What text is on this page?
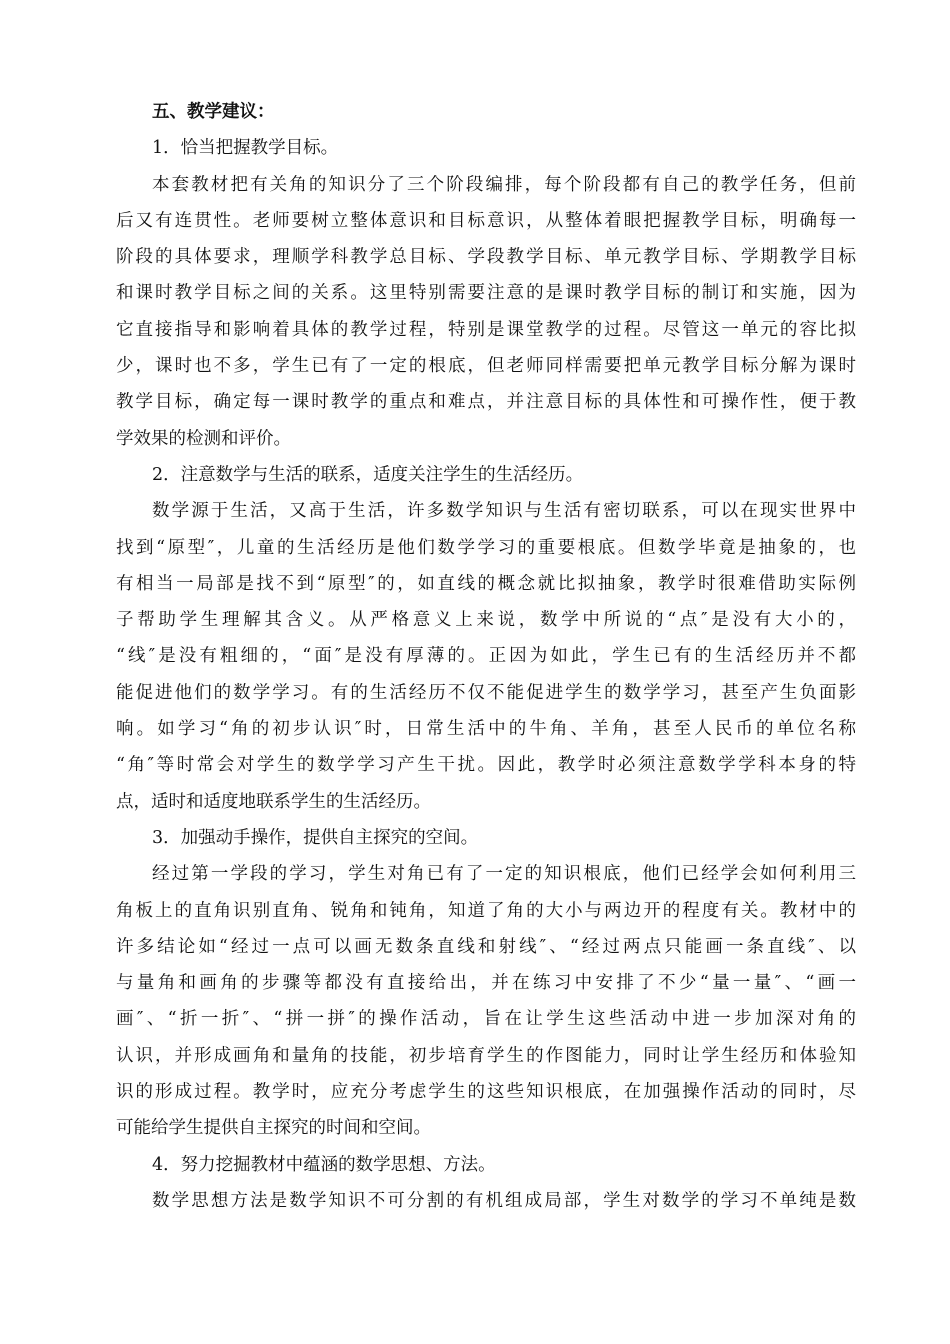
五、教学建议：

1．恰当把握教学目标。

本套教材把有关角的知识分了三个阶段编排，每个阶段都有自己的教学任务，但前

后又有连贯性。老师要树立整体意识和目标意识，从整体着眼把握教学目标，明确每一

阶段的具体要求，理顺学科教学总目标、学段教学目标、单元教学目标、学期教学目标

和课时教学目标之间的关系。这里特别需要注意的是课时教学目标的制订和实施，因为

它直接指导和影响着具体的教学过程，特别是课堂教学的过程。尽管这一单元的容比拟

少，课时也不多，学生已有了一定的根底，但老师同样需要把单元教学目标分解为课时

教学目标，确定每一课时教学的重点和难点，并注意目标的具体性和可操作性，便于教

学效果的检测和评价。

2．注意数学与生活的联系，适度关注学生的生活经历。

数学源于生活，又高于生活，许多数学知识与生活有密切联系，可以在现实世界中

找到“原型″，儿童的生活经历是他们数学学习的重要根底。但数学毕竟是抽象的，也

有相当一局部是找不到“原型″的，如直线的概念就比拟抽象，教学时很难借助实际例

子帮助学生理解其含义。从严格意义上来说，数学中所说的“点″是没有大小的，

“线″是没有粗细的，“面″是没有厚薄的。正因为如此，学生已有的生活经历并不都

能促进他们的数学学习。有的生活经历不仅不能促进学生的数学学习，甚至产生负面影

响。如学习“角的初步认识″时，日常生活中的牛角、羊角，甚至人民币的单位名称

“角″等时常会对学生的数学学习产生干扰。因此，教学时必须注意数学学科本身的特

点，适时和适度地联系学生的生活经历。

3．加强动手操作，提供自主探究的空间。

经过第一学段的学习，学生对角已有了一定的知识根底，他们已经学会如何利用三

角板上的直角识别直角、锐角和钝角，知道了角的大小与两边开的程度有关。教材中的

许多结论如“经过一点可以画无数条直线和射线″、“经过两点只能画一条直线″、以

与量角和画角的步骤等都没有直接给出，并在练习中安排了不少“量一量″、“画一

画″、“折一折″、“拼一拼″的操作活动，旨在让学生这些活动中进一步加深对角的

认识，并形成画角和量角的技能，初步培育学生的作图能力，同时让学生经历和体验知

识的形成过程。教学时，应充分考虑学生的这些知识根底，在加强操作活动的同时，尽

可能给学生提供自主探究的时间和空间。

4．努力挖掘教材中蕴涵的数学思想、方法。

数学思想方法是数学知识不可分割的有机组成局部，学生对数学的学习不单纯是数
